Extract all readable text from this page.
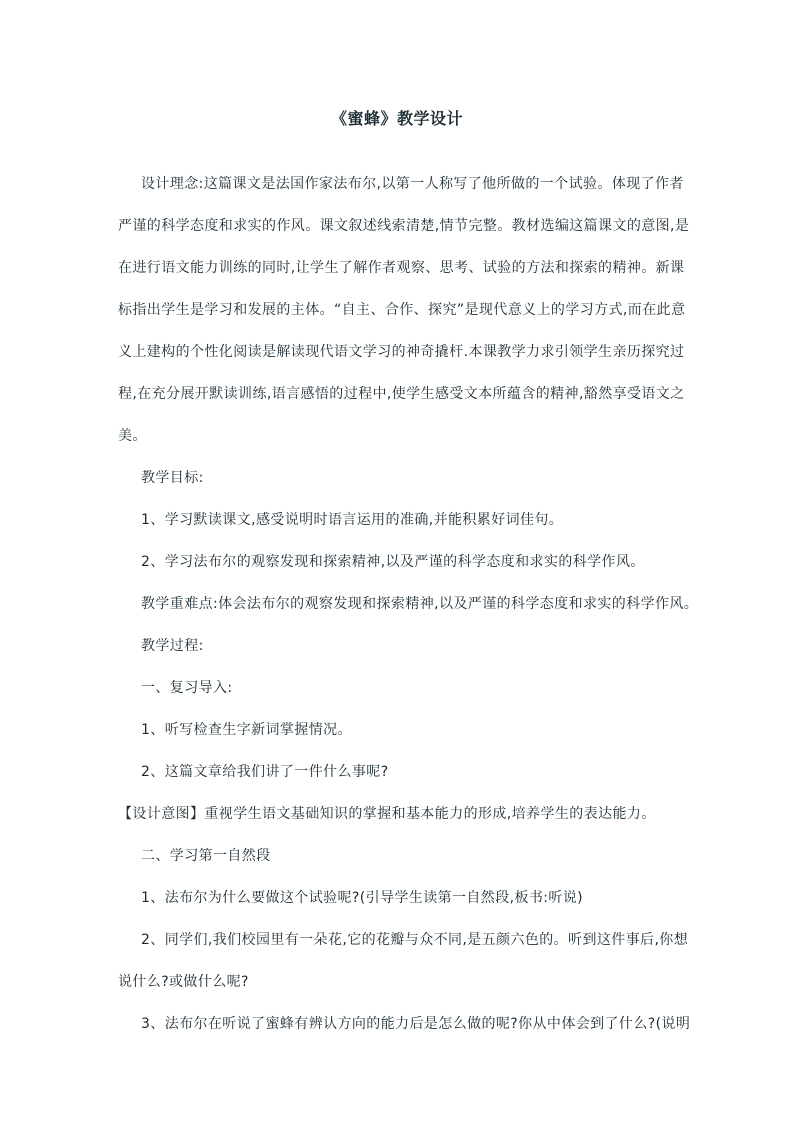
《蜜蜂》教学设计

设计理念:这篇课文是法国作家法布尔,以第一人称写了他所做的一个试验。体现了作者

严谨的科学态度和求实的作风。课文叙述线索清楚,情节完整。教材选编这篇课文的意图,是

在进行语文能力训练的同时,让学生了解作者观察、思考、试验的方法和探索的精神。新课

标指出学生是学习和发展的主体。“自主、合作、探究”是现代意义上的学习方式,而在此意

义上建构的个性化阅读是解读现代语文学习的神奇撬杆.本课教学力求引领学生亲历探究过

程,在充分展开默读训练,语言感悟的过程中,使学生感受文本所蕴含的精神,豁然享受语文之

美。

教学目标:

1、学习默读课文,感受说明时语言运用的准确,并能积累好词佳句。

2、学习法布尔的观察发现和探索精神,以及严谨的科学态度和求实的科学作风。

教学重难点:体会法布尔的观察发现和探索精神,以及严谨的科学态度和求实的科学作风。

教学过程:

一、复习导入:

1、听写检查生字新词掌握情况。

2、这篇文章给我们讲了一件什么事呢?

【设计意图】重视学生语文基础知识的掌握和基本能力的形成,培养学生的表达能力。

二、学习第一自然段

1、法布尔为什么要做这个试验呢?(引导学生读第一自然段,板书:听说)

2、同学们,我们校园里有一朵花,它的花瓣与众不同,是五颜六色的。听到这件事后,你想

说什么?或做什么呢?

3、法布尔在听说了蜜蜂有辨认方向的能力后是怎么做的呢?你从中体会到了什么?(说明
